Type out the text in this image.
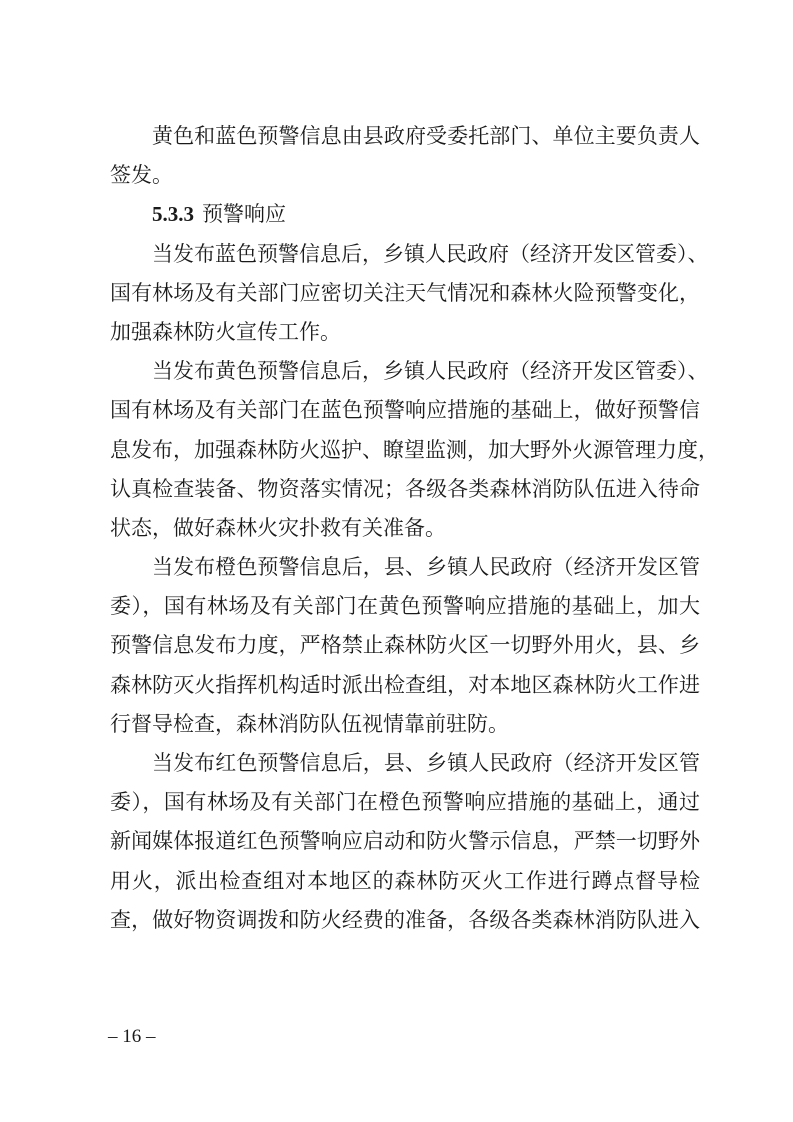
黄色和蓝色预警信息由县政府受委托部门、单位主要负责人
签发。
5.3.3 预警响应
当发布蓝色预警信息后，乡镇人民政府（经济开发区管委）、
国有林场及有关部门应密切关注天气情况和森林火险预警变化，
加强森林防火宣传工作。
当发布黄色预警信息后，乡镇人民政府（经济开发区管委）、
国有林场及有关部门在蓝色预警响应措施的基础上，做好预警信
息发布，加强森林防火巡护、瞭望监测，加大野外火源管理力度，
认真检查装备、物资落实情况；各级各类森林消防队伍进入待命
状态，做好森林火灾扑救有关准备。
当发布橙色预警信息后，县、乡镇人民政府（经济开发区管
委），国有林场及有关部门在黄色预警响应措施的基础上，加大
预警信息发布力度，严格禁止森林防火区一切野外用火，县、乡
森林防灭火指挥机构适时派出检查组，对本地区森林防火工作进
行督导检查，森林消防队伍视情靠前驻防。
当发布红色预警信息后，县、乡镇人民政府（经济开发区管
委），国有林场及有关部门在橙色预警响应措施的基础上，通过
新闻媒体报道红色预警响应启动和防火警示信息，严禁一切野外
用火，派出检查组对本地区的森林防灭火工作进行蹲点督导检
查，做好物资调拨和防火经费的准备，各级各类森林消防队进入
– 16 –
